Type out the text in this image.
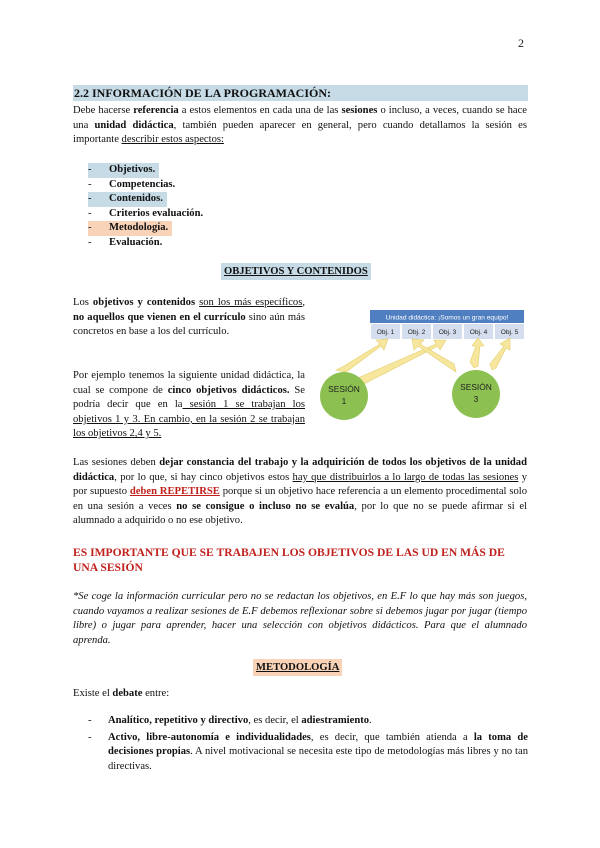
2
2.2 INFORMACIÓN DE LA PROGRAMACIÓN:
Debe hacerse referencia a estos elementos en cada una de las sesiones o incluso, a veces, cuando se hace una unidad didáctica, también pueden aparecer en general, pero cuando detallamos la sesión es importante describir estos aspectos:
-	Objetivos.
-	Competencias.
-	Contenidos.
-	Criterios evaluación.
-	Metodología.
-	Evaluación.
OBJETIVOS Y CONTENIDOS
Los objetivos y contenidos son los más específicos, no aquellos que vienen en el currículo sino aún más concretos en base a los del currículo.
Por ejemplo tenemos la siguiente unidad didáctica, la cual se compone de cinco objetivos didácticos. Se podría decir que en la sesión 1 se trabajan los objetivos 1 y 3. En cambio, en la sesión 2 se trabajan los objetivos 2,4 y 5.
Unidad didáctica: ¡Somos un gran equipo!
Obj. 1 Obj. 2 Obj. 3 Obj. 4 Obj. 5
SESIÓN
1
SESIÓN
3
Las sesiones deben dejar constancia del trabajo y la adquirición de todos los objetivos de la unidad didáctica, por lo que, si hay cinco objetivos estos hay que distribuirlos a lo largo de todas las sesiones y por supuesto deben REPETIRSE porque si un objetivo hace referencia a un elemento procedimental solo en una sesión a veces no se consigue o incluso no se evalúa, por lo que no se puede afirmar si el alumnado a adquirido o no ese objetivo.
ES IMPORTANTE QUE SE TRABAJEN LOS OBJETIVOS DE LAS UD EN MÁS DE UNA SESIÓN
*Se coge la información curricular pero no se redactan los objetivos, en E.F lo que hay más son juegos, cuando vayamos a realizar sesiones de E.F debemos reflexionar sobre si debemos jugar por jugar (tiempo libre) o jugar para aprender, hacer una selección con objetivos didácticos. Para que el alumnado aprenda.
METODOLOGÍA
Existe el debate entre:
-	Analítico, repetitivo y directivo, es decir, el adiestramiento.
-	Activo, libre-autonomía e individualidades, es decir, que también atienda a la toma de decisiones propias. A nivel motivacional se necesita este tipo de metodologías más libres y no tan directivas.
